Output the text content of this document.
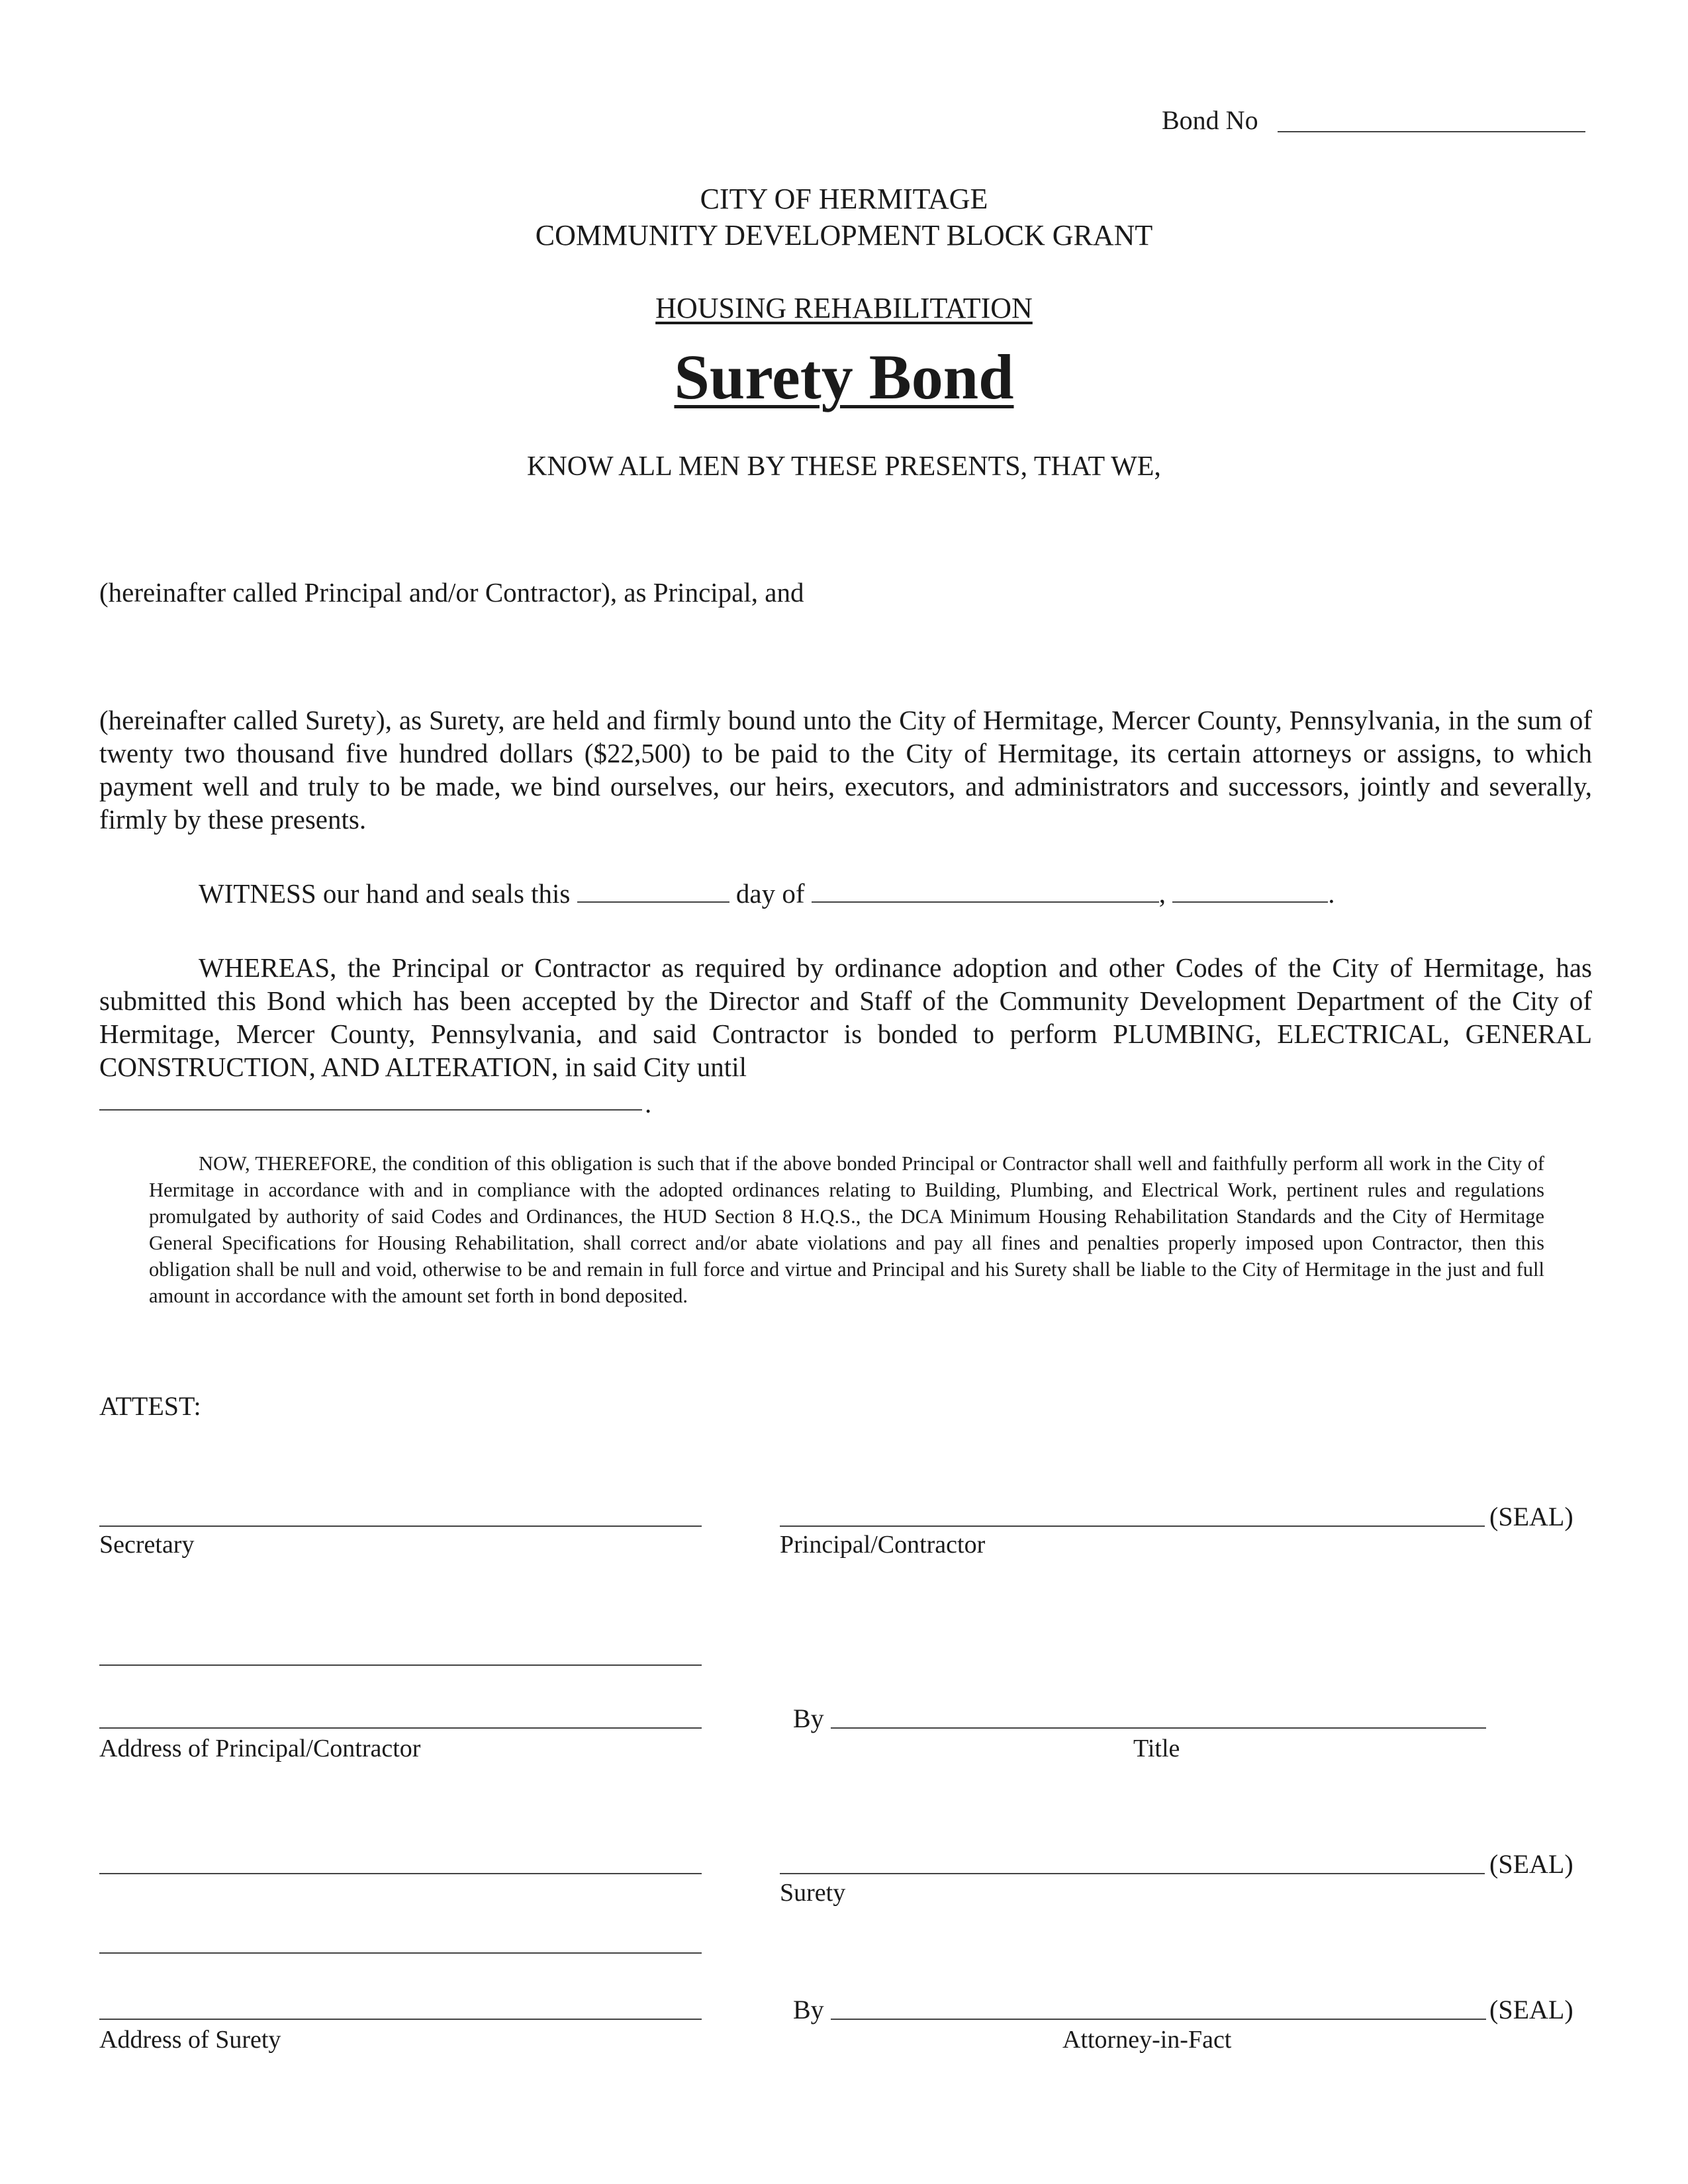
Bond No
CITY OF HERMITAGE
COMMUNITY DEVELOPMENT BLOCK GRANT
HOUSING REHABILITATION
Surety Bond
KNOW ALL MEN BY THESE PRESENTS, THAT WE,
(hereinafter called Principal and/or Contractor), as Principal, and
(hereinafter called Surety), as Surety, are held and firmly bound unto the City of Hermitage, Mercer County, Pennsylvania, in the sum of twenty two thousand five hundred dollars ($22,500) to be paid to the City of Hermitage, its certain attorneys or assigns, to which payment well and truly to be made, we bind ourselves, our heirs, executors, and administrators and successors, jointly and severally, firmly by these presents.
WITNESS our hand and seals this	day of	,	.
WHEREAS, the Principal or Contractor as required by ordinance adoption and other Codes of the City of Hermitage, has submitted this Bond which has been accepted by the Director and Staff of the Community Development Department of the City of Hermitage, Mercer County, Pennsylvania, and said Contractor is bonded to perform PLUMBING, ELECTRICAL, GENERAL CONSTRUCTION, AND ALTERATION, in said City until
.
NOW, THEREFORE, the condition of this obligation is such that if the above bonded Principal or Contractor shall well and faithfully perform all work in the City of Hermitage in accordance with and in compliance with the adopted ordinances relating to Building, Plumbing, and Electrical Work, pertinent rules and regulations promulgated by authority of said Codes and Ordinances, the HUD Section 8 H.Q.S., the DCA Minimum Housing Rehabilitation Standards and the City of Hermitage General Specifications for Housing Rehabilitation, shall correct and/or abate violations and pay all fines and penalties properly imposed upon Contractor, then this obligation shall be null and void, otherwise to be and remain in full force and virtue and Principal and his Surety shall be liable to the City of Hermitage in the just and full amount in accordance with the amount set forth in bond deposited.
ATTEST:
Secretary
(SEAL)
Principal/Contractor
Address of Principal/Contractor
By
Title
(SEAL)
Surety
Address of Surety
By	(SEAL)
Attorney-in-Fact
